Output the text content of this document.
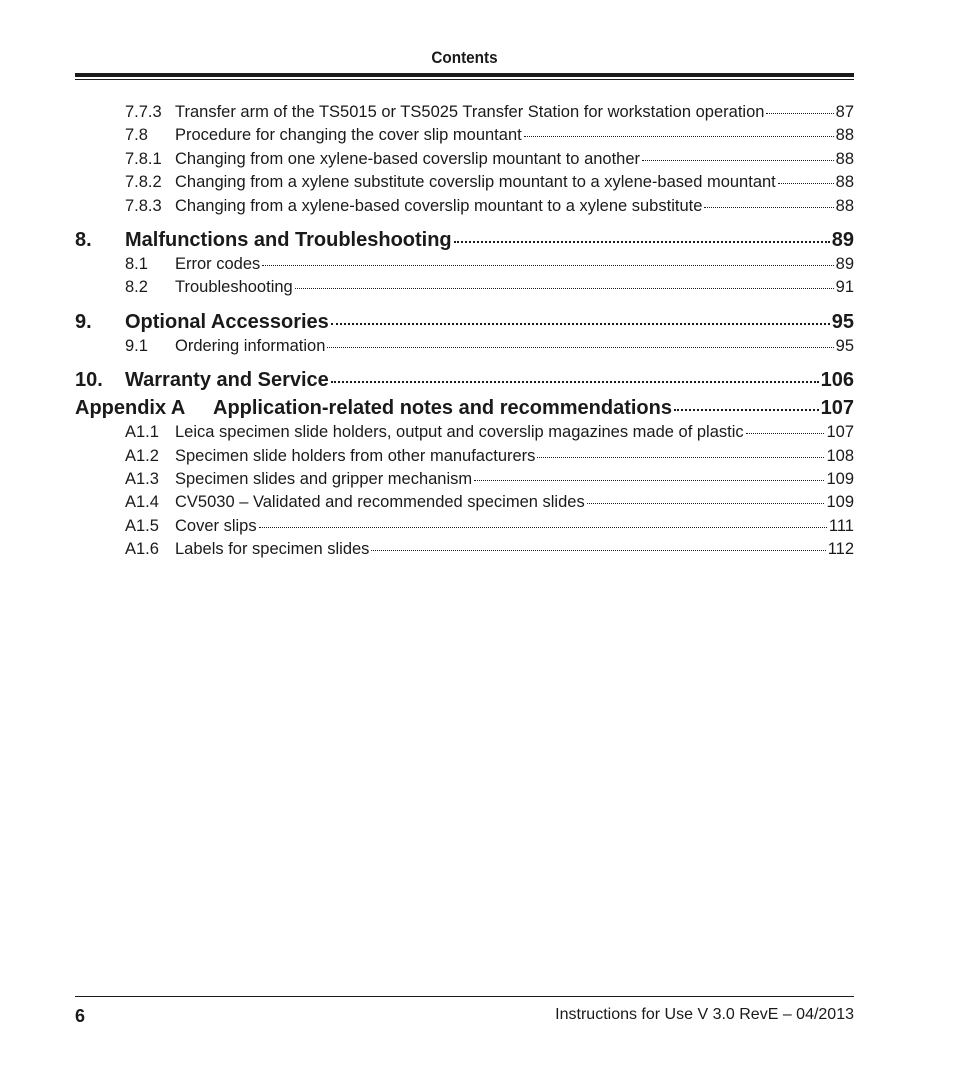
Contents
7.7.3 Transfer arm of the TS5015 or TS5025 Transfer Station for workstation operation	87
7.8	Procedure for changing the cover slip mountant	88
7.8.1 Changing from one xylene-based coverslip mountant to another	88
7.8.2 Changing from a xylene substitute coverslip mountant to a xylene-based mountant	88
7.8.3 Changing from a xylene-based coverslip mountant to a xylene substitute	88
8.	Malfunctions and Troubleshooting	89
8.1	Error codes	89
8.2	Troubleshooting	91
9.	Optional Accessories	95
9.1	Ordering information	95
10.	Warranty and Service	106
Appendix A	Application-related notes and recommendations	107
A1.1 Leica specimen slide holders, output and coverslip magazines made of plastic	107
A1.2 Specimen slide holders from other manufacturers	108
A1.3 Specimen slides and gripper mechanism	109
A1.4 CV5030 – Validated and recommended specimen slides	109
A1.5 Cover slips	111
A1.6 Labels for specimen slides	112
6	Instructions for Use V 3.0 RevE – 04/2013
